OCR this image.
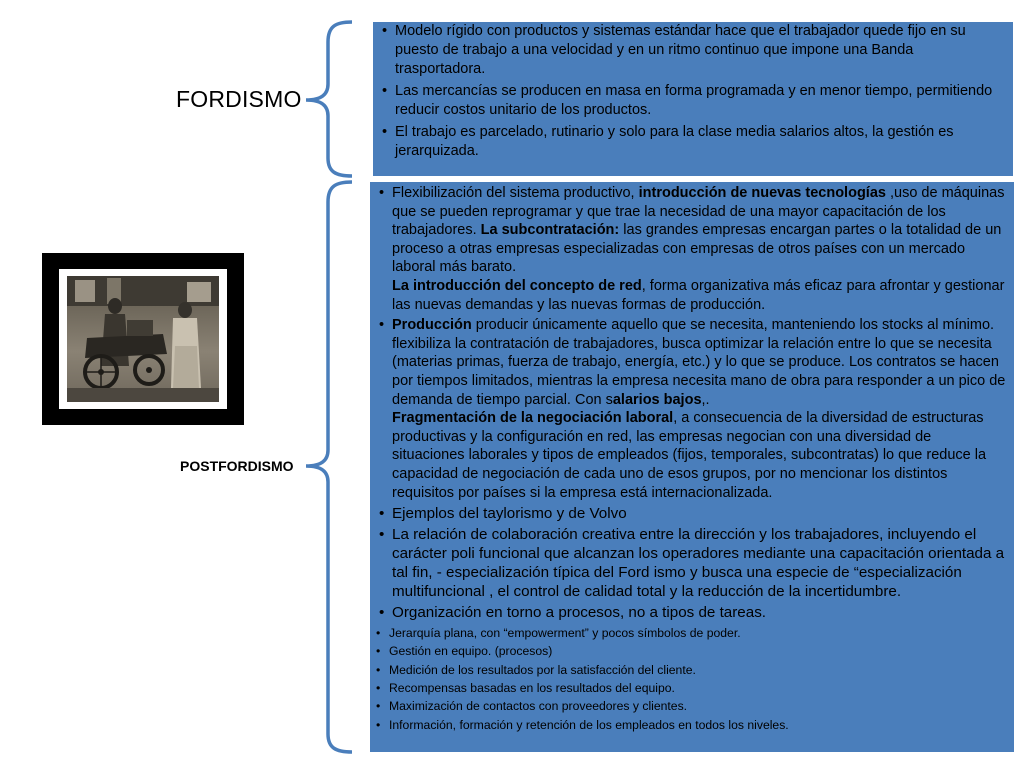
FORDISMO
POSTFORDISMO
• Modelo rígido con productos y sistemas estándar hace que el trabajador quede fijo en su puesto de trabajo a una velocidad y en un ritmo continuo que impone una Banda trasportadora.
• Las mercancías se producen en masa en forma programada y en menor tiempo, permitiendo reducir costos unitario de los productos.
• El trabajo es parcelado, rutinario y solo para la clase media salarios altos, la gestión es jerarquizada.
• Flexibilización del sistema productivo, introducción de nuevas tecnologías ,uso de máquinas que se pueden reprogramar y que trae la necesidad de una mayor capacitación de los trabajadores. La subcontratación: las grandes empresas encargan partes o la totalidad de un proceso a otras empresas especializadas con empresas de otros países con un mercado laboral más barato.
La introducción del concepto de red, forma organizativa más eficaz para afrontar y gestionar las nuevas demandas y las nuevas formas de producción.
• Producción producir únicamente aquello que se necesita, manteniendo los stocks al mínimo. flexibiliza la contratación de trabajadores, busca optimizar la relación entre lo que se necesita (materias primas, fuerza de trabajo, energía, etc.) y lo que se produce. Los contratos se hacen por tiempos limitados, mientras la empresa necesita mano de obra para responder a un pico de demanda de tiempo parcial. Con salarios bajos,.
Fragmentación de la negociación laboral, a consecuencia de la diversidad de estructuras productivas y la configuración en red, las empresas negocian con una diversidad de situaciones laborales y tipos de empleados (fijos, temporales, subcontratas) lo que reduce la capacidad de negociación de cada uno de esos grupos, por no mencionar los distintos requisitos por países si la empresa está internacionalizada.
• Ejemplos del taylorismo y de Volvo
• La relación de colaboración creativa entre la dirección y los trabajadores, incluyendo el carácter poli funcional que alcanzan los operadores mediante una capacitación orientada a tal fin, - especialización típica del Ford ismo y busca una especie de “especialización multifuncional , el control de calidad total y la reducción de la incertidumbre.
• Organización en torno a procesos, no a tipos de tareas.
• Jerarquía plana, con “empowerment” y pocos símbolos de poder.
• Gestión en equipo. (procesos)
• Medición de los resultados por la satisfacción del cliente.
• Recompensas basadas en los resultados del equipo.
• Maximización de contactos con proveedores y clientes.
• Información, formación y retención de los empleados en todos los niveles.
